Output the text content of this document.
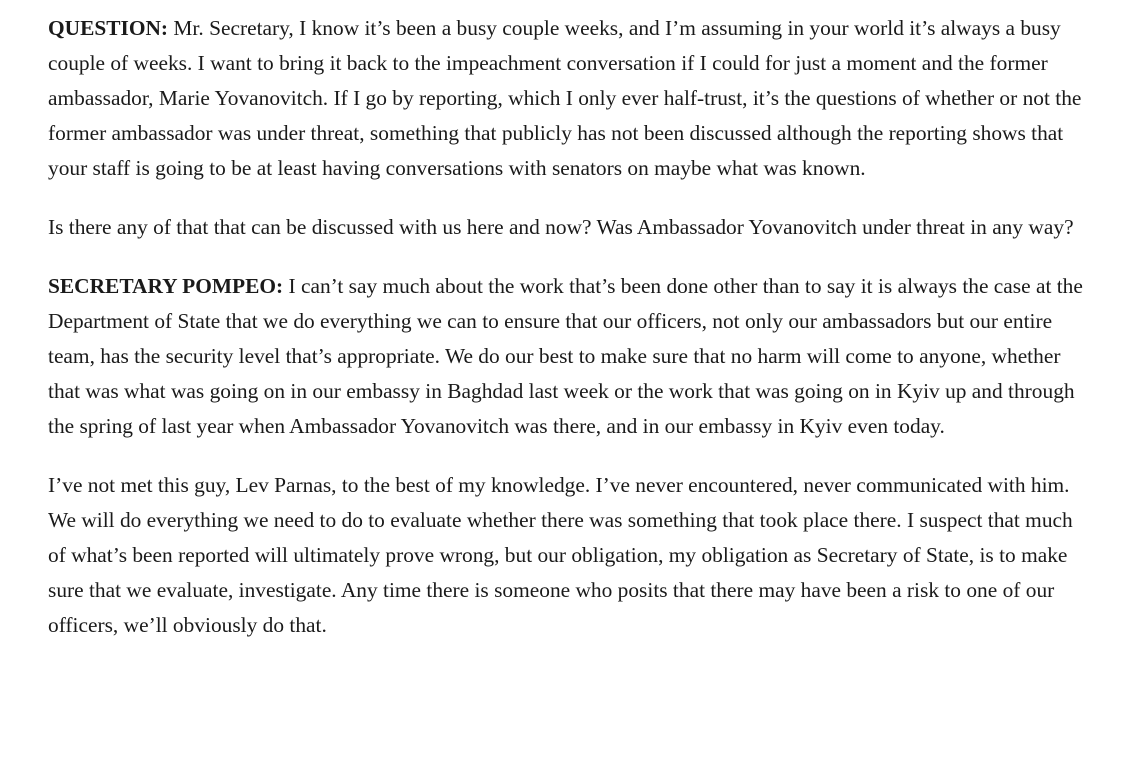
QUESTION: Mr. Secretary, I know it’s been a busy couple weeks, and I’m assuming in your world it’s always a busy couple of weeks. I want to bring it back to the impeachment conversation if I could for just a moment and the former ambassador, Marie Yovanovitch. If I go by reporting, which I only ever half-trust, it’s the questions of whether or not the former ambassador was under threat, something that publicly has not been discussed although the reporting shows that your staff is going to be at least having conversations with senators on maybe what was known.

Is there any of that that can be discussed with us here and now? Was Ambassador Yovanovitch under threat in any way?

SECRETARY POMPEO: I can’t say much about the work that’s been done other than to say it is always the case at the Department of State that we do everything we can to ensure that our officers, not only our ambassadors but our entire team, has the security level that’s appropriate. We do our best to make sure that no harm will come to anyone, whether that was what was going on in our embassy in Baghdad last week or the work that was going on in Kyiv up and through the spring of last year when Ambassador Yovanovitch was there, and in our embassy in Kyiv even today.

I’ve not met this guy, Lev Parnas, to the best of my knowledge. I’ve never encountered, never communicated with him. We will do everything we need to do to evaluate whether there was something that took place there. I suspect that much of what’s been reported will ultimately prove wrong, but our obligation, my obligation as Secretary of State, is to make sure that we evaluate, investigate. Any time there is someone who posits that there may have been a risk to one of our officers, we’ll obviously do that.
